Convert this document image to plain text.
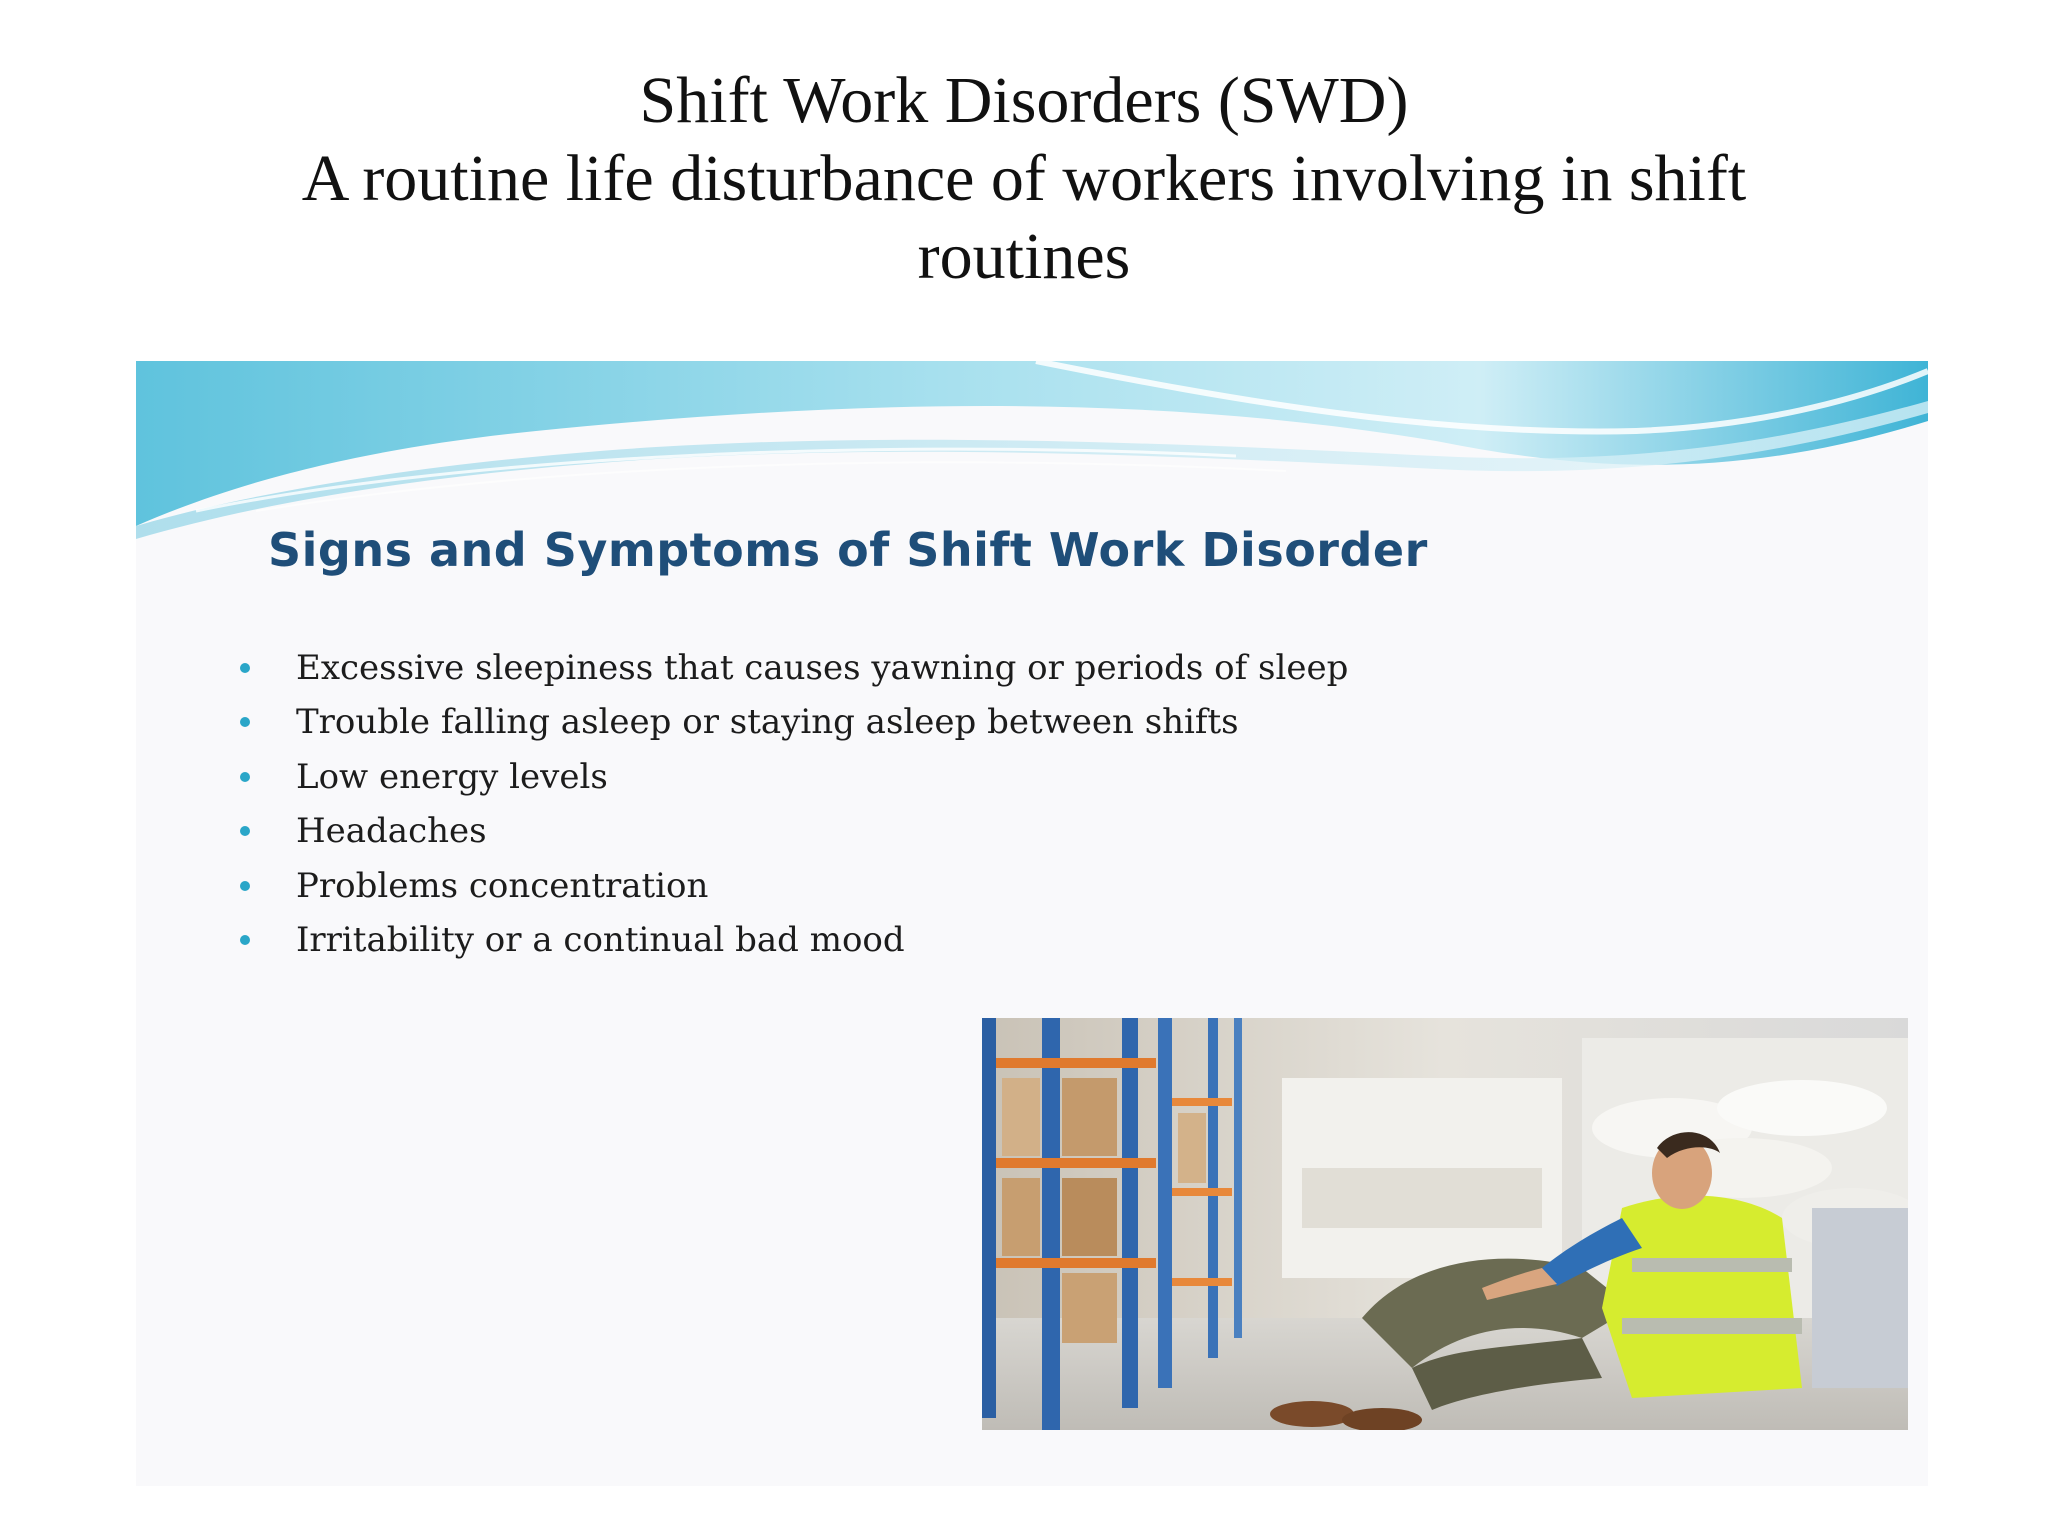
Shift Work Disorders (SWD)
A routine life disturbance of workers involving in shift routines
Signs and Symptoms of Shift Work Disorder
Excessive sleepiness that causes yawning or periods of sleep
Trouble falling asleep or staying asleep between shifts
Low energy levels
Headaches
Problems concentration
Irritability or a continual bad mood
